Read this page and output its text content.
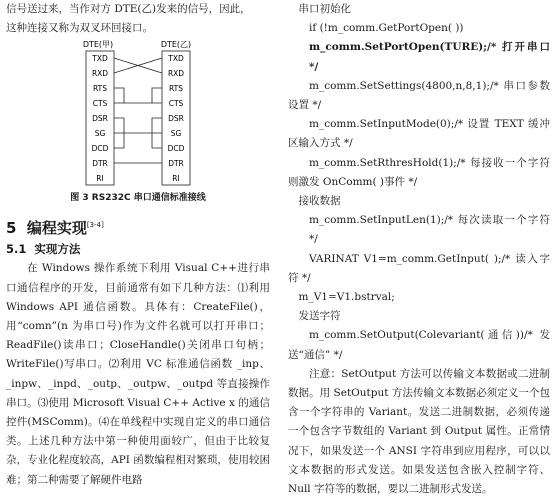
信号送过来，当作对方 DTE(乙)发来的信号，因此，

这种连接又称为双叉环回接口。

DTE(甲)	DTE(乙)
TXD
RXD
RTS
CTS
DSR
SG
DCD
DTR
RI
TXD
RXD
RTS
CTS
DSR
SG
DCD
DTR
RI

图 3 RS232C 串口通信标准接线

5 编程实现[3-4]
5.1 实现方法

在 Windows 操作系统下利用 Visual C++进行串口通信程序的开发，目前通常有如下几种方法：⑴利用 Windows API 通信函数。具体有：CreateFile()，用“comn”(n 为串口号)作为文件名就可以打开串口；ReadFile()读串口；CloseHandle()关闭串口句柄；WriteFile()写串口。⑵利用 VC 标准通信函数 _inp、_inpw、_inpd、_outp、_outpw、_outpd 等直接操作串口。⑶使用 Microsoft Visual C++ Active x 的通信控件(MSComm)。⑷在单线程中实现自定义的串口通信类。上述几种方法中第一种使用面较广，但由于比较复杂，专业化程度较高，API 函数编程相对繁琐，使用较困难；第二种需要了解硬件电路

串口初始化

if (!m_comm.GetPortOpen( ))

m_comm.SetPortOpen(TURE);/* 打开串口 */

m_comm.SetSettings(4800,n,8,1);/* 串口参数设置 */

m_comm.SetInputMode(0);/* 设置 TEXT 缓冲区输入方式 */

m_comm.SetRthresHold(1);/* 每接收一个字符则激发 OnComm( )事件 */

接收数据

m_comm.SetInputLen(1);/* 每次读取一个字符 */

VARINAT V1=m_comm.GetInput( );/* 读入字符 */

m_V1=V1.bstrval;

发送字符

m_comm.SetOutput(Colevariant(通信))/* 发送“通信” */

注意：SetOutput 方法可以传输文本数据或二进制数据。用 SetOutput 方法传输文本数据必须定义一个包含一个字符串的 Variant。发送二进制数据，必须传递一个包含字节数组的 Variant 到 Output 属性。正常情况下，如果发送一个 ANSI 字符串到应用程序，可以以文本数据的形式发送。如果发送包含嵌入控制字符、Null 字符等的数据，要以二进制形式发送。
